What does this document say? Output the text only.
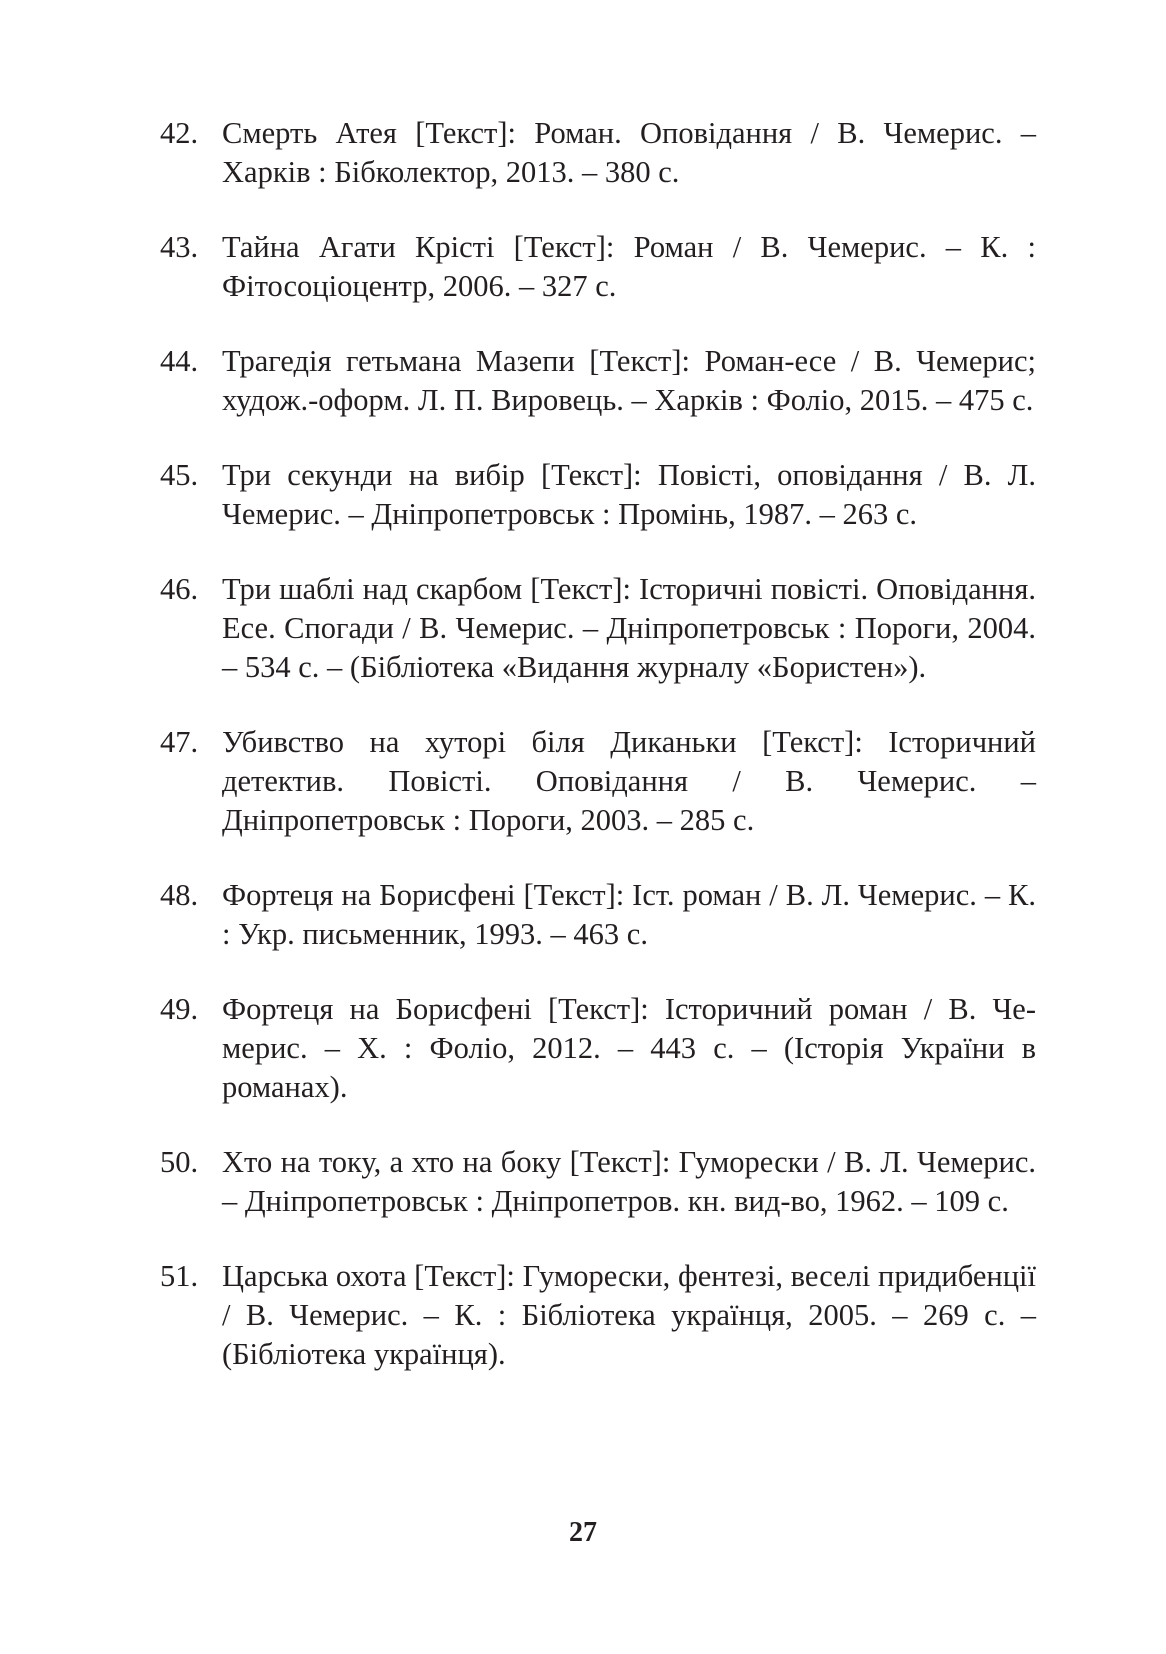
42. Смерть Атея [Текст]: Роман. Оповідання / В. Чемерис. – Харків : Бібколектор, 2013. – 380 с.
43. Тайна Агати Крісті [Текст]: Роман / В. Чемерис. – К. : Фітосоціоцентр, 2006. – 327 с.
44. Трагедія гетьмана Мазепи [Текст]: Роман-есе / В. Чемерис; худож.-оформ. Л. П. Вировець. – Харків : Фоліо, 2015. – 475 с.
45. Три секунди на вибір [Текст]: Повісті, оповідання / В. Л. Чемерис. – Дніпропетровськ : Промінь, 1987. – 263 с.
46. Три шаблі над скарбом [Текст]: Історичні повісті. Оповідання. Есе. Спогади / В. Чемерис. – Дніпропетровськ : Пороги, 2004. – 534 с. – (Бібліотека «Видання журналу «Бористен»).
47. Убивство на хуторі біля Диканьки [Текст]: Історичний детектив. Повісті. Оповідання / В. Чемерис. – Дніпропетровськ : Пороги, 2003. – 285 с.
48. Фортеця на Борисфені [Текст]: Іст. роман / В. Л. Чемерис. – К. : Укр. письменник, 1993. – 463 с.
49. Фортеця на Борисфені [Текст]: Історичний роман / В. Чемерис. – Х. : Фоліо, 2012. – 443 с. – (Історія України в романах).
50. Хто на току, а хто на боку [Текст]: Гуморески / В. Л. Чемерис. – Дніпропетровськ : Дніпропетров. кн. вид-во, 1962. – 109 с.
51. Царська охота [Текст]: Гуморески, фентезі, веселі придибенції / В. Чемерис. – К. : Бібліотека українця, 2005. – 269 с. – (Бібліотека українця).
27
